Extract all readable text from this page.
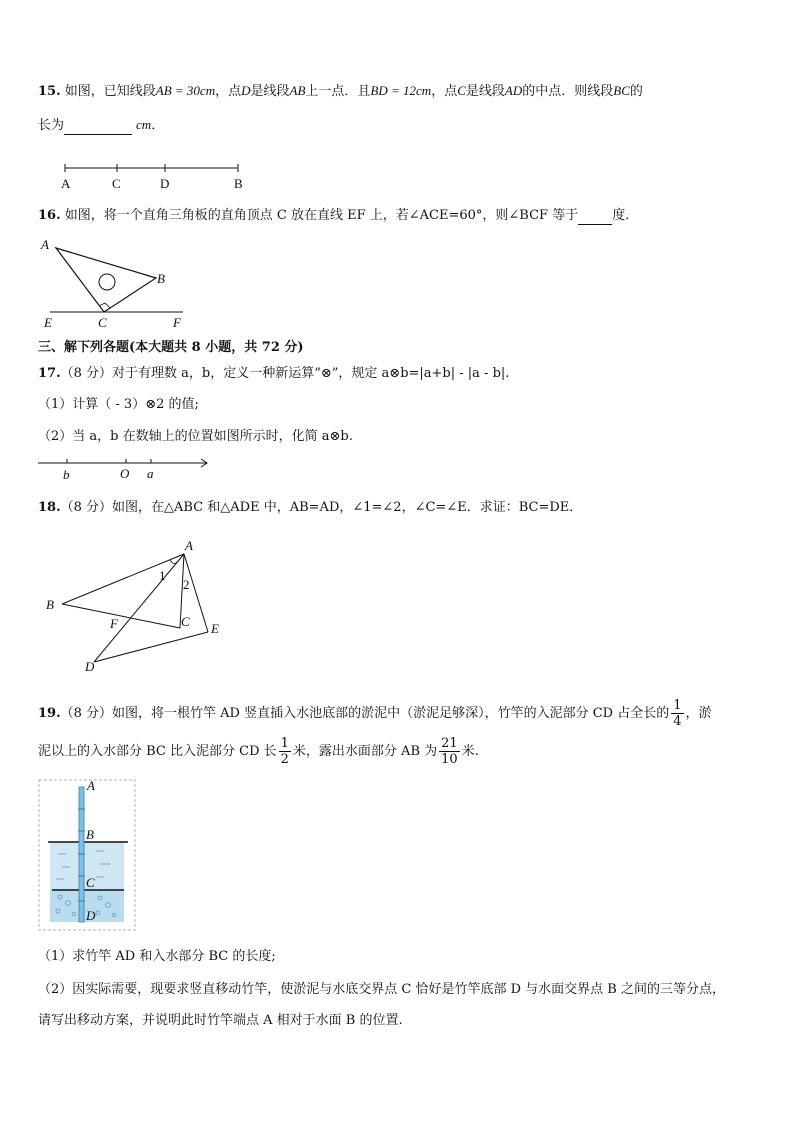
15. 如图，已知线段AB = 30cm，点D是线段AB上一点．且BD = 12cm，点C是线段AD的中点．则线段BC的
长为	cm．
A	C	D	B
16. 如图，将一个直角三角板的直角顶点 C 放在直线 EF 上，若∠ACE=60°，则∠BCF 等于	度．
A
B
E	C	F
三、解下列各题(本大题共 8 小题，共 72 分)
17.（8 分）对于有理数 a，b，定义一种新运算“⊗”，规定 a⊗b=|a+b| - |a - b|.
（1）计算（ - 3）⊗2 的值;
（2）当 a，b 在数轴上的位置如图所示时，化简 a⊗b.
b	O a
18.（8 分）如图，在△ABC 和△ADE 中，AB=AD，∠1=∠2，∠C=∠E．求证：BC=DE．
A
1
2
B
F	C E
D
19.（8 分）如图，将一根竹竿 AD 竖直插入水池底部的淤泥中（淤泥足够深），竹竿的入泥部分 CD 占全长的 $\frac{1}{4}$ ，淤
泥以上的入水部分 BC 比入泥部分 CD 长 $\frac{1}{2}$ 米，露出水面部分 AB 为 $\frac{21}{10}$ 米.
A
B
C
D
（1）求竹竿 AD 和入水部分 BC 的长度;
（2）因实际需要，现要求竖直移动竹竿，使淤泥与水底交界点 C 恰好是竹竿底部 D 与水面交界点 B 之间的三等分点，
请写出移动方案，并说明此时竹竿端点 A 相对于水面 B 的位置.
